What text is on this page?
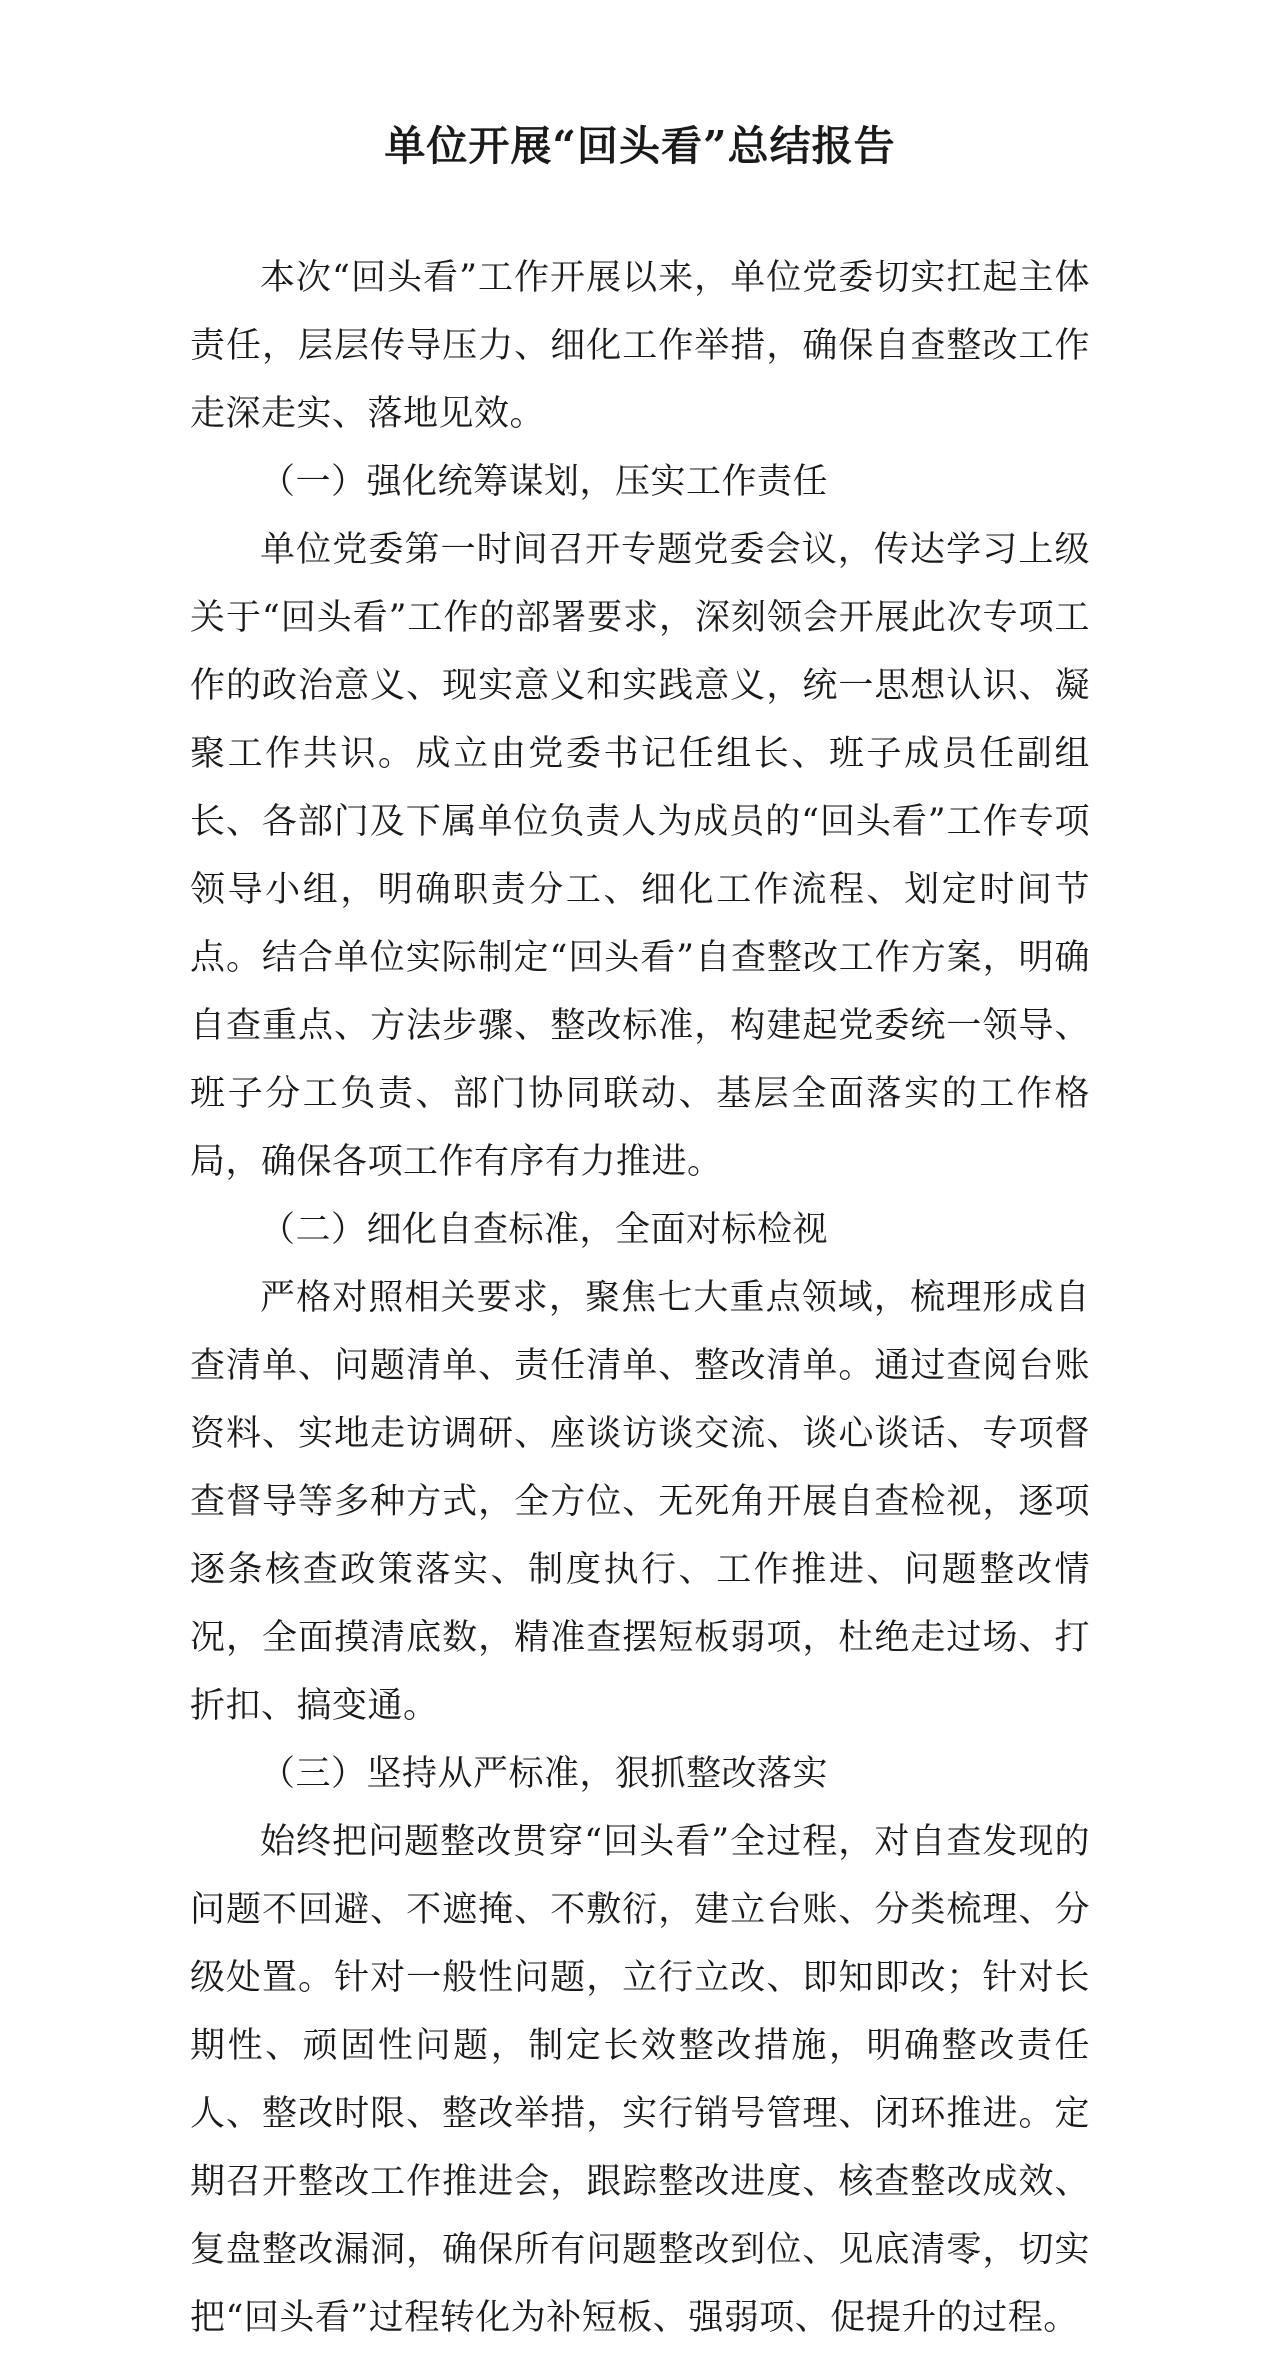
单位开展“回头看”总结报告

本次“回头看”工作开展以来，单位党委切实扛起主体责任，层层传导压力、细化工作举措，确保自查整改工作走深走实、落地见效。

（一）强化统筹谋划，压实工作责任

单位党委第一时间召开专题党委会议，传达学习上级关于“回头看”工作的部署要求，深刻领会开展此次专项工作的政治意义、现实意义和实践意义，统一思想认识、凝聚工作共识。成立由党委书记任组长、班子成员任副组长、各部门及下属单位负责人为成员的“回头看”工作专项领导小组，明确职责分工、细化工作流程、划定时间节点。结合单位实际制定“回头看”自查整改工作方案，明确自查重点、方法步骤、整改标准，构建起党委统一领导、班子分工负责、部门协同联动、基层全面落实的工作格局，确保各项工作有序有力推进。

（二）细化自查标准，全面对标检视

严格对照相关要求，聚焦七大重点领域，梳理形成自查清单、问题清单、责任清单、整改清单。通过查阅台账资料、实地走访调研、座谈访谈交流、谈心谈话、专项督查督导等多种方式，全方位、无死角开展自查检视，逐项逐条核查政策落实、制度执行、工作推进、问题整改情况，全面摸清底数，精准查摆短板弱项，杜绝走过场、打折扣、搞变通。

（三）坚持从严标准，狠抓整改落实

始终把问题整改贯穿“回头看”全过程，对自查发现的问题不回避、不遮掩、不敷衍，建立台账、分类梳理、分级处置。针对一般性问题，立行立改、即知即改；针对长期性、顽固性问题，制定长效整改措施，明确整改责任人、整改时限、整改举措，实行销号管理、闭环推进。定期召开整改工作推进会，跟踪整改进度、核查整改成效、复盘整改漏洞，确保所有问题整改到位、见底清零，切实把“回头看”过程转化为补短板、强弱项、促提升的过程。
